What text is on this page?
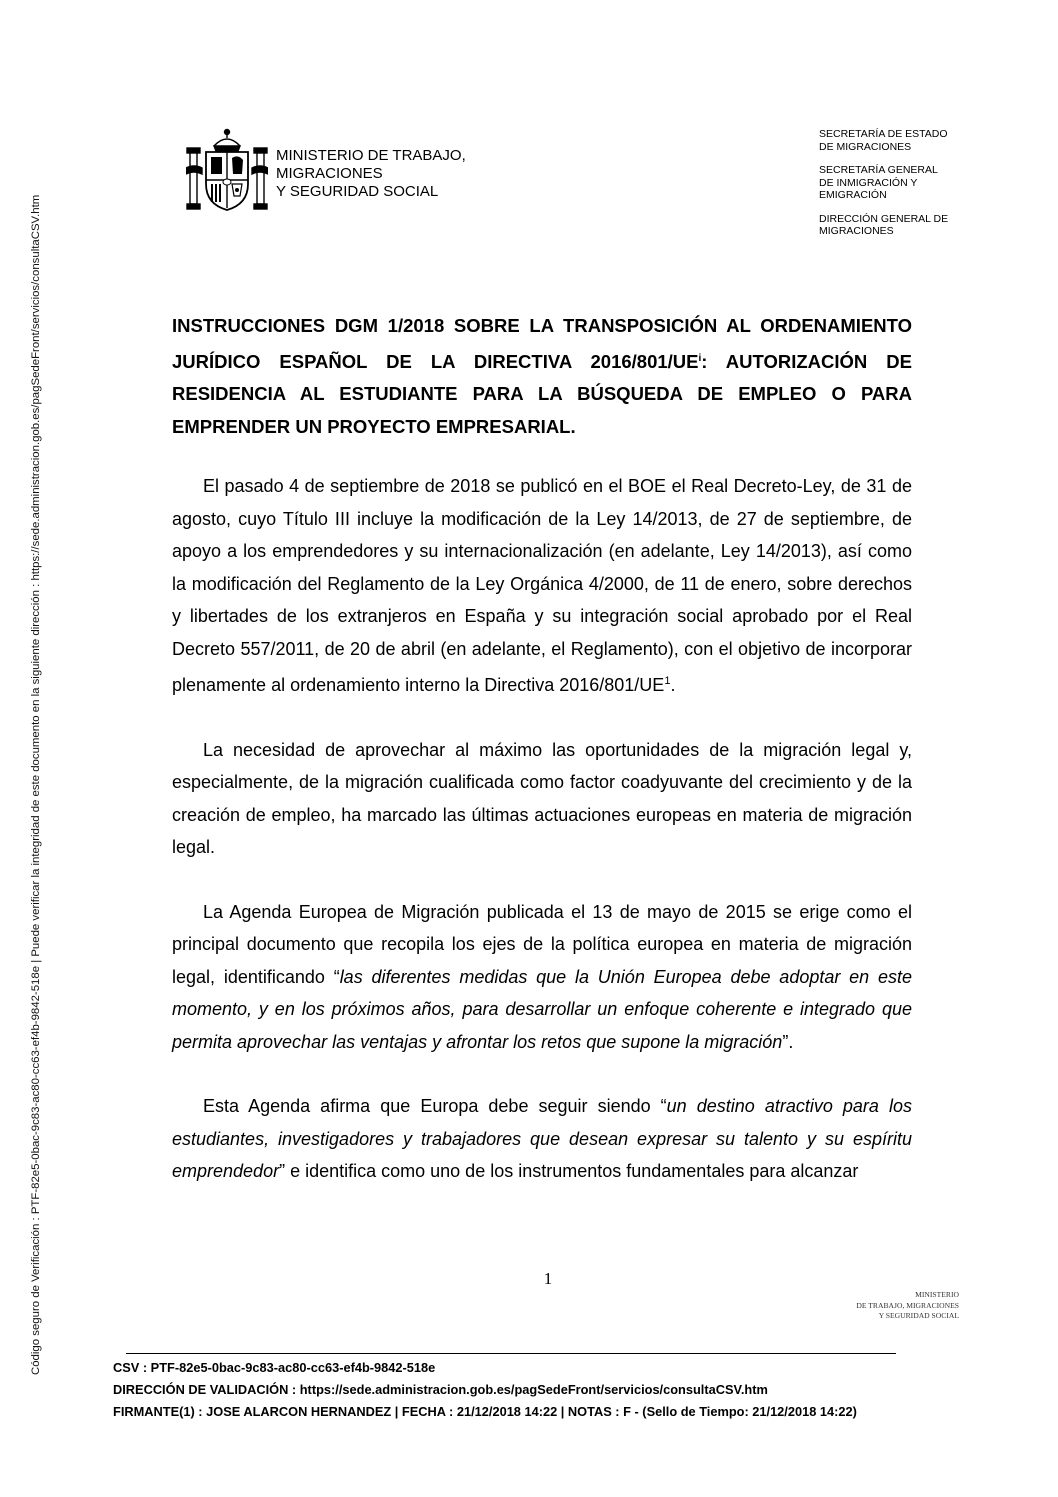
Código seguro de Verificación : PTF-82e5-0bac-9c83-ac80-cc63-ef4b-9842-518e | Puede verificar la integridad de este documento en la siguiente dirección : https://sede.administracion.gob.es/pagSedeFront/servicios/consultaCSV.htm
MINISTERIO DE TRABAJO,
MIGRACIONES
Y SEGURIDAD SOCIAL
SECRETARÍA DE ESTADO
DE MIGRACIONES
SECRETARÍA GENERAL
DE INMIGRACIÓN Y
EMIGRACIÓN
DIRECCIÓN GENERAL DE
MIGRACIONES
INSTRUCCIONES DGM 1/2018 SOBRE LA TRANSPOSICIÓN AL ORDENAMIENTO JURÍDICO ESPAÑOL DE LA DIRECTIVA $2016/801/UE^i$: AUTORIZACIÓN DE RESIDENCIA AL ESTUDIANTE PARA LA BÚSQUEDA DE EMPLEO O PARA EMPRENDER UN PROYECTO EMPRESARIAL.

El pasado 4 de septiembre de 2018 se publicó en el BOE el Real Decreto-Ley, de 31 de agosto, cuyo Título III incluye la modificación de la Ley 14/2013, de 27 de septiembre, de apoyo a los emprendedores y su internacionalización (en adelante, Ley 14/2013), así como la modificación del Reglamento de la Ley Orgánica 4/2000, de 11 de enero, sobre derechos y libertades de los extranjeros en España y su integración social aprobado por el Real Decreto 557/2011, de 20 de abril (en adelante, el Reglamento), con el objetivo de incorporar plenamente al ordenamiento interno la Directiva $2016/801/UE^1$.

La necesidad de aprovechar al máximo las oportunidades de la migración legal y, especialmente, de la migración cualificada como factor coadyuvante del crecimiento y de la creación de empleo, ha marcado las últimas actuaciones europeas en materia de migración legal.

La Agenda Europea de Migración publicada el 13 de mayo de 2015 se erige como el principal documento que recopila los ejes de la política europea en materia de migración legal, identificando “las diferentes medidas que la Unión Europea debe adoptar en este momento, y en los próximos años, para desarrollar un enfoque coherente e integrado que permita aprovechar las ventajas y afrontar los retos que supone la migración”.

Esta Agenda afirma que Europa debe seguir siendo “un destino atractivo para los estudiantes, investigadores y trabajadores que desean expresar su talento y su espíritu emprendedor” e identifica como uno de los instrumentos fundamentales para alcanzar

1
MINISTERIO
DE TRABAJO, MIGRACIONES
Y SEGURIDAD SOCIAL
CSV : PTF-82e5-0bac-9c83-ac80-cc63-ef4b-9842-518e
DIRECCIÓN DE VALIDACIÓN : https://sede.administracion.gob.es/pagSedeFront/servicios/consultaCSV.htm
FIRMANTE(1) : JOSE ALARCON HERNANDEZ | FECHA : 21/12/2018 14:22 | NOTAS : F - (Sello de Tiempo: 21/12/2018 14:22)
